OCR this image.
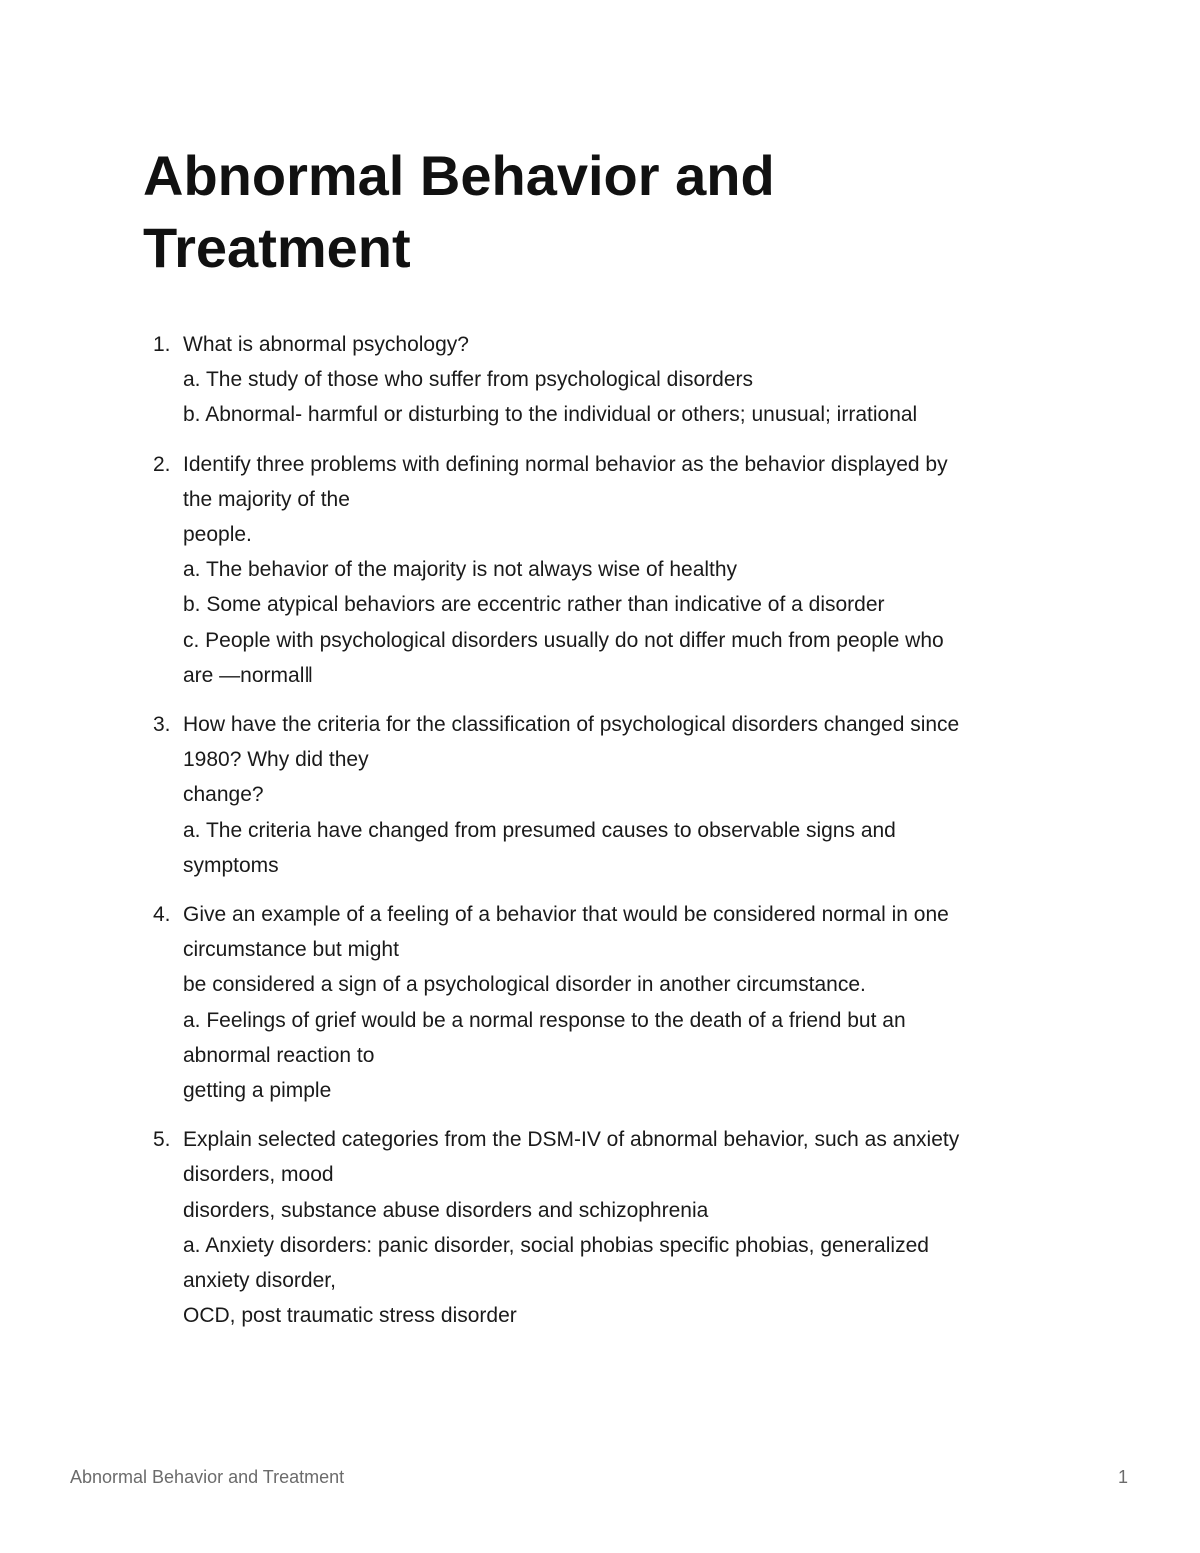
Abnormal Behavior and
Treatment
1. What is abnormal psychology?
a. The study of those who suffer from psychological disorders
b. Abnormal- harmful or disturbing to the individual or others; unusual; irrational
2. Identify three problems with defining normal behavior as the behavior displayed by
the majority of the
people.
a. The behavior of the majority is not always wise of healthy
b. Some atypical behaviors are eccentric rather than indicative of a disorder
c. People with psychological disorders usually do not differ much from people who
are —normal‖
3. How have the criteria for the classification of psychological disorders changed since
1980? Why did they
change?
a. The criteria have changed from presumed causes to observable signs and
symptoms
4. Give an example of a feeling of a behavior that would be considered normal in one
circumstance but might
be considered a sign of a psychological disorder in another circumstance.
a. Feelings of grief would be a normal response to the death of a friend but an
abnormal reaction to
getting a pimple
5. Explain selected categories from the DSM-IV of abnormal behavior, such as anxiety
disorders, mood
disorders, substance abuse disorders and schizophrenia
a. Anxiety disorders: panic disorder, social phobias specific phobias, generalized
anxiety disorder,
OCD, post traumatic stress disorder
Abnormal Behavior and Treatment	1
